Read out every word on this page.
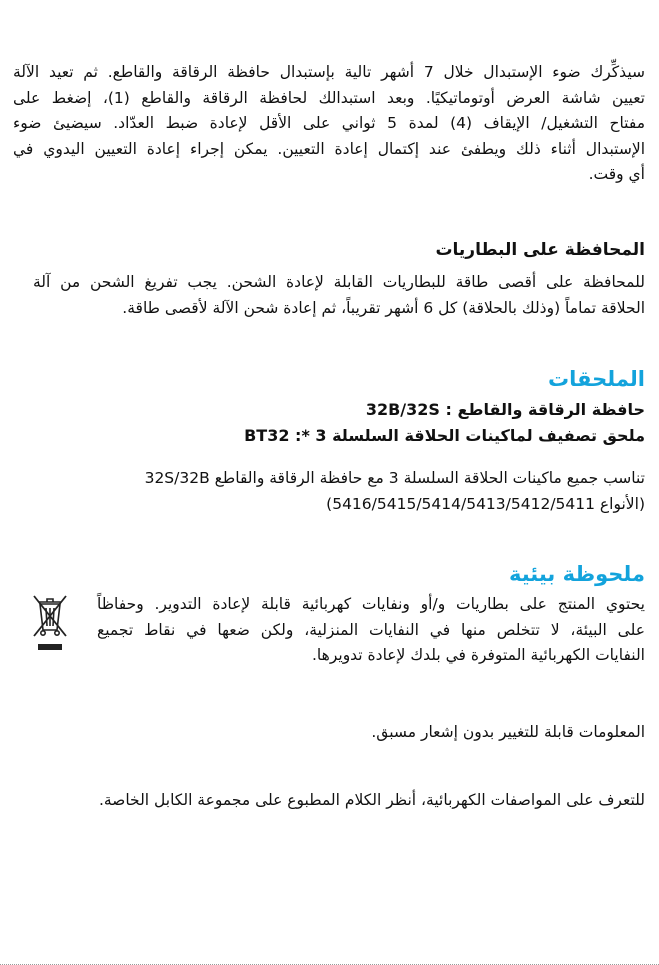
سيذكِّرك ضوء الإستبدال خلال 7 أشهر تالية بإستبدال حافظة الرقاقة والقاطع. ثم تعيد الآلة
تعيين شاشة العرض أوتوماتيكيًا. وبعد استبدالك لحافظة الرقاقة والقاطع (1)، إضغط على
مفتاح التشغيل/ الإيقاف (4) لمدة 5 ثواني على الأقل لإعادة ضبط العدّاد. سيضيئ ضوء
الإستبدال أثناء ذلك ويطفئ عند إكتمال إعادة التعيين. يمكن إجراء إعادة التعيين اليدوي في
أي وقت.
المحافظة على البطاريات
للمحافظة على أقصى طاقة للبطاريات القابلة لإعادة الشحن. يجب تفريغ الشحن من آلة
الحلاقة تماماً (وذلك بالحلاقة) كل 6 أشهر تقريباً، ثم إعادة شحن الآلة لأقصى طاقة.
الملحقات
حافظة الرقاقة والقاطع : 32B/32S
ملحق تصفيف لماكينات الحلاقة السلسلة 3 *: BT32
تناسب جميع ماكينات الحلاقة السلسلة 3 مع حافظة الرقاقة والقاطع 32S/32B
(الأنواع 5416/5415/5414/5413/5412/5411)
ملحوظة بيئية
يحتوي المنتج على بطاريات و/أو ونفايات كهربائية قابلة لإعادة التدوير. وحفاظاً
على البيئة، لا تتخلص منها في النفايات المنزلية، ولكن ضعها في نقاط تجميع
النفايات الكهربائية المتوفرة في بلدك لإعادة تدويرها.
المعلومات قابلة للتغيير بدون إشعار مسبق.
للتعرف على المواصفات الكهربائية، أنظر الكلام المطبوع على مجموعة الكابل الخاصة.
